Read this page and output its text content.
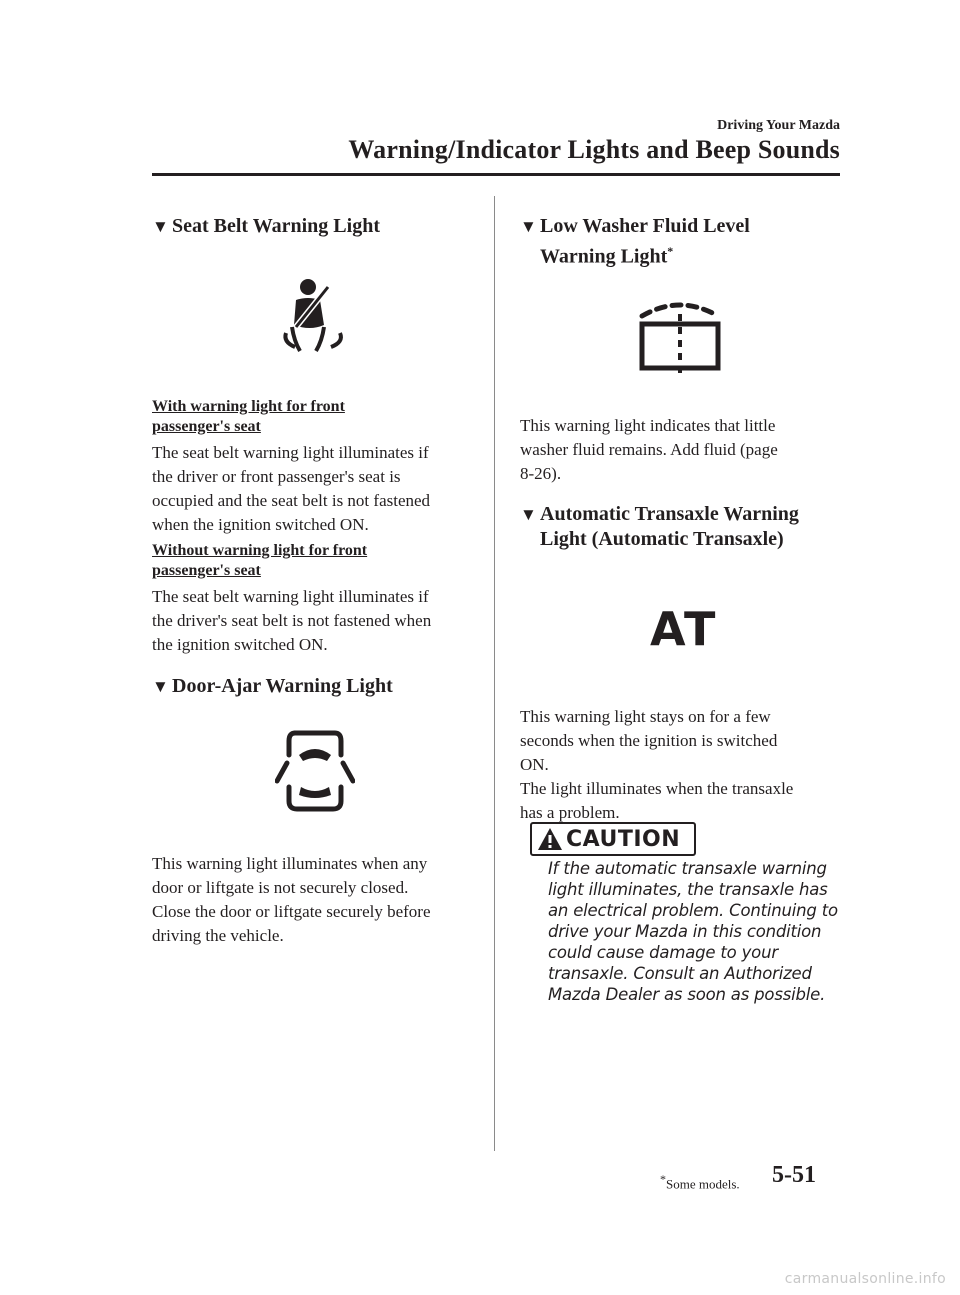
Driving Your Mazda
Warning/Indicator Lights and Beep Sounds
▼ Seat Belt Warning Light
With warning light for front
passenger's seat
The seat belt warning light illuminates if
the driver or front passenger's seat is
occupied and the seat belt is not fastened
when the ignition switched ON.
Without warning light for front
passenger's seat
The seat belt warning light illuminates if
the driver's seat belt is not fastened when
the ignition switched ON.
▼ Door-Ajar Warning Light
This warning light illuminates when any
door or liftgate is not securely closed.
Close the door or liftgate securely before
driving the vehicle.
▼ Low Washer Fluid Level
Warning Light*
This warning light indicates that little
washer fluid remains. Add fluid (page
8-26).
▼ Automatic Transaxle Warning
Light (Automatic Transaxle)
AT
This warning light stays on for a few
seconds when the ignition is switched
ON.
The light illuminates when the transaxle
has a problem.
CAUTION
If the automatic transaxle warning
light illuminates, the transaxle has
an electrical problem. Continuing to
drive your Mazda in this condition
could cause damage to your
transaxle. Consult an Authorized
Mazda Dealer as soon as possible.
*Some models. 5-51
carmanualsonline.info
